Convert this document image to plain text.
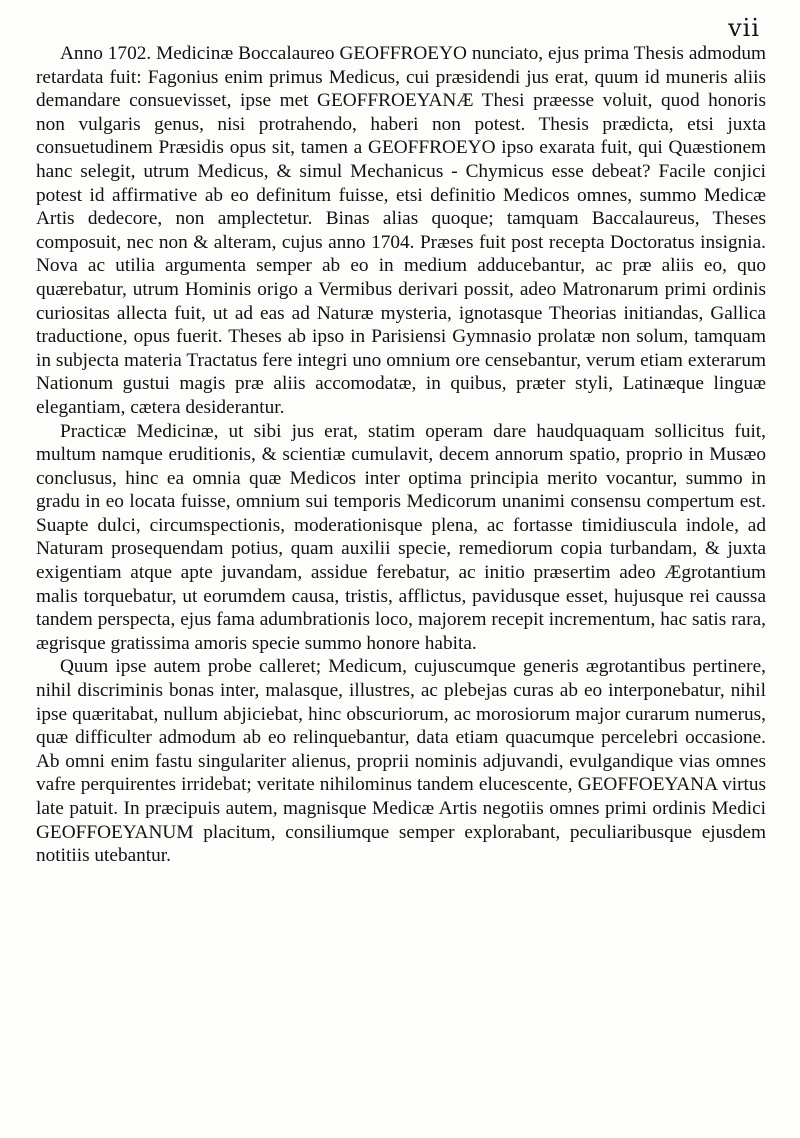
vii

Anno 1702. Medicinæ Boccalaureo GEOFFROEYO nunciato, ejus prima Thesis admodum retardata fuit: Fagonius enim primus Medicus, cui præsidendi jus erat, quum id muneris aliis demandare consuevisset, ipse met GEOFFROEYANÆ Thesi præesse voluit, quod honoris non vulgaris genus, nisi protrahendo, haberi non potest. Thesis prædicta, etsi juxta consuetudinem Præsidis opus sit, tamen a GEOFFROEYO ipso exarata fuit, qui Quæstionem hanc selegit, utrum Medicus, & simul Mechanicus - Chymicus esse debeat? Facile conjici potest id affirmative ab eo definitum fuisse, etsi definitio Medicos omnes, summo Medicæ Artis dedecore, non amplectetur. Binas alias quoque; tamquam Baccalaureus, Theses composuit, nec non & alteram, cujus anno 1704. Præses fuit post recepta Doctoratus insignia. Nova ac utilia argumenta semper ab eo in medium adducebantur, ac præ aliis eo, quo quærebatur, utrum Hominis origo a Vermibus derivari possit, adeo Matronarum primi ordinis curiositas allecta fuit, ut ad eas ad Naturæ mysteria, ignotasque Theorias initiandas, Gallica traductione, opus fuerit. Theses ab ipso in Parisiensi Gymnasio prolatæ non solum, tamquam in subjecta materia Tractatus fere integri uno omnium ore censebantur, verum etiam exterarum Nationum gustui magis præ aliis accomodatæ, in quibus, præter styli, Latinæque linguæ elegantiam, cætera desiderantur.

Practicæ Medicinæ, ut sibi jus erat, statim operam dare haudquaquam sollicitus fuit, multum namque eruditionis, & scientiæ cumulavit, decem annorum spatio, proprio in Musæo conclusus, hinc ea omnia quæ Medicos inter optima principia merito vocantur, summo in gradu in eo locata fuisse, omnium sui temporis Medicorum unanimi consensu compertum est. Suapte dulci, circumspectionis, moderationisque plena, ac fortasse timidiuscula indole, ad Naturam prosequendam potius, quam auxilii specie, remediorum copia turbandam, & juxta exigentiam atque apte juvandam, assidue ferebatur, ac initio præsertim adeo Ægrotantium malis torquebatur, ut eorumdem causa, tristis, afflictus, pavidusque esset, hujusque rei caussa tandem perspecta, ejus fama adumbrationis loco, majorem recepit incrementum, hac satis rara, ægrisque gratissima amoris specie summo honore habita.

Quum ipse autem probe calleret; Medicum, cujuscumque generis ægrotantibus pertinere, nihil discriminis bonas inter, malasque, illustres, ac plebejas curas ab eo interponebatur, nihil ipse quæritabat, nullum abjiciebat, hinc obscuriorum, ac morosiorum major curarum numerus, quæ difficulter admodum ab eo relinquebantur, data etiam quacumque percelebri occasione. Ab omni enim fastu singulariter alienus, proprii nominis adjuvandi, evulgandique vias omnes vafre perquirentes irridebat; veritate nihilominus tandem elucescente, GEOFFOEYANA virtus late patuit. In præcipuis autem, magnisque Medicæ Artis negotiis omnes primi ordinis Medici GEOFFOEYANUM placitum, consiliumque semper explorabant, peculiaribusque ejusdem notitiis utebantur.
